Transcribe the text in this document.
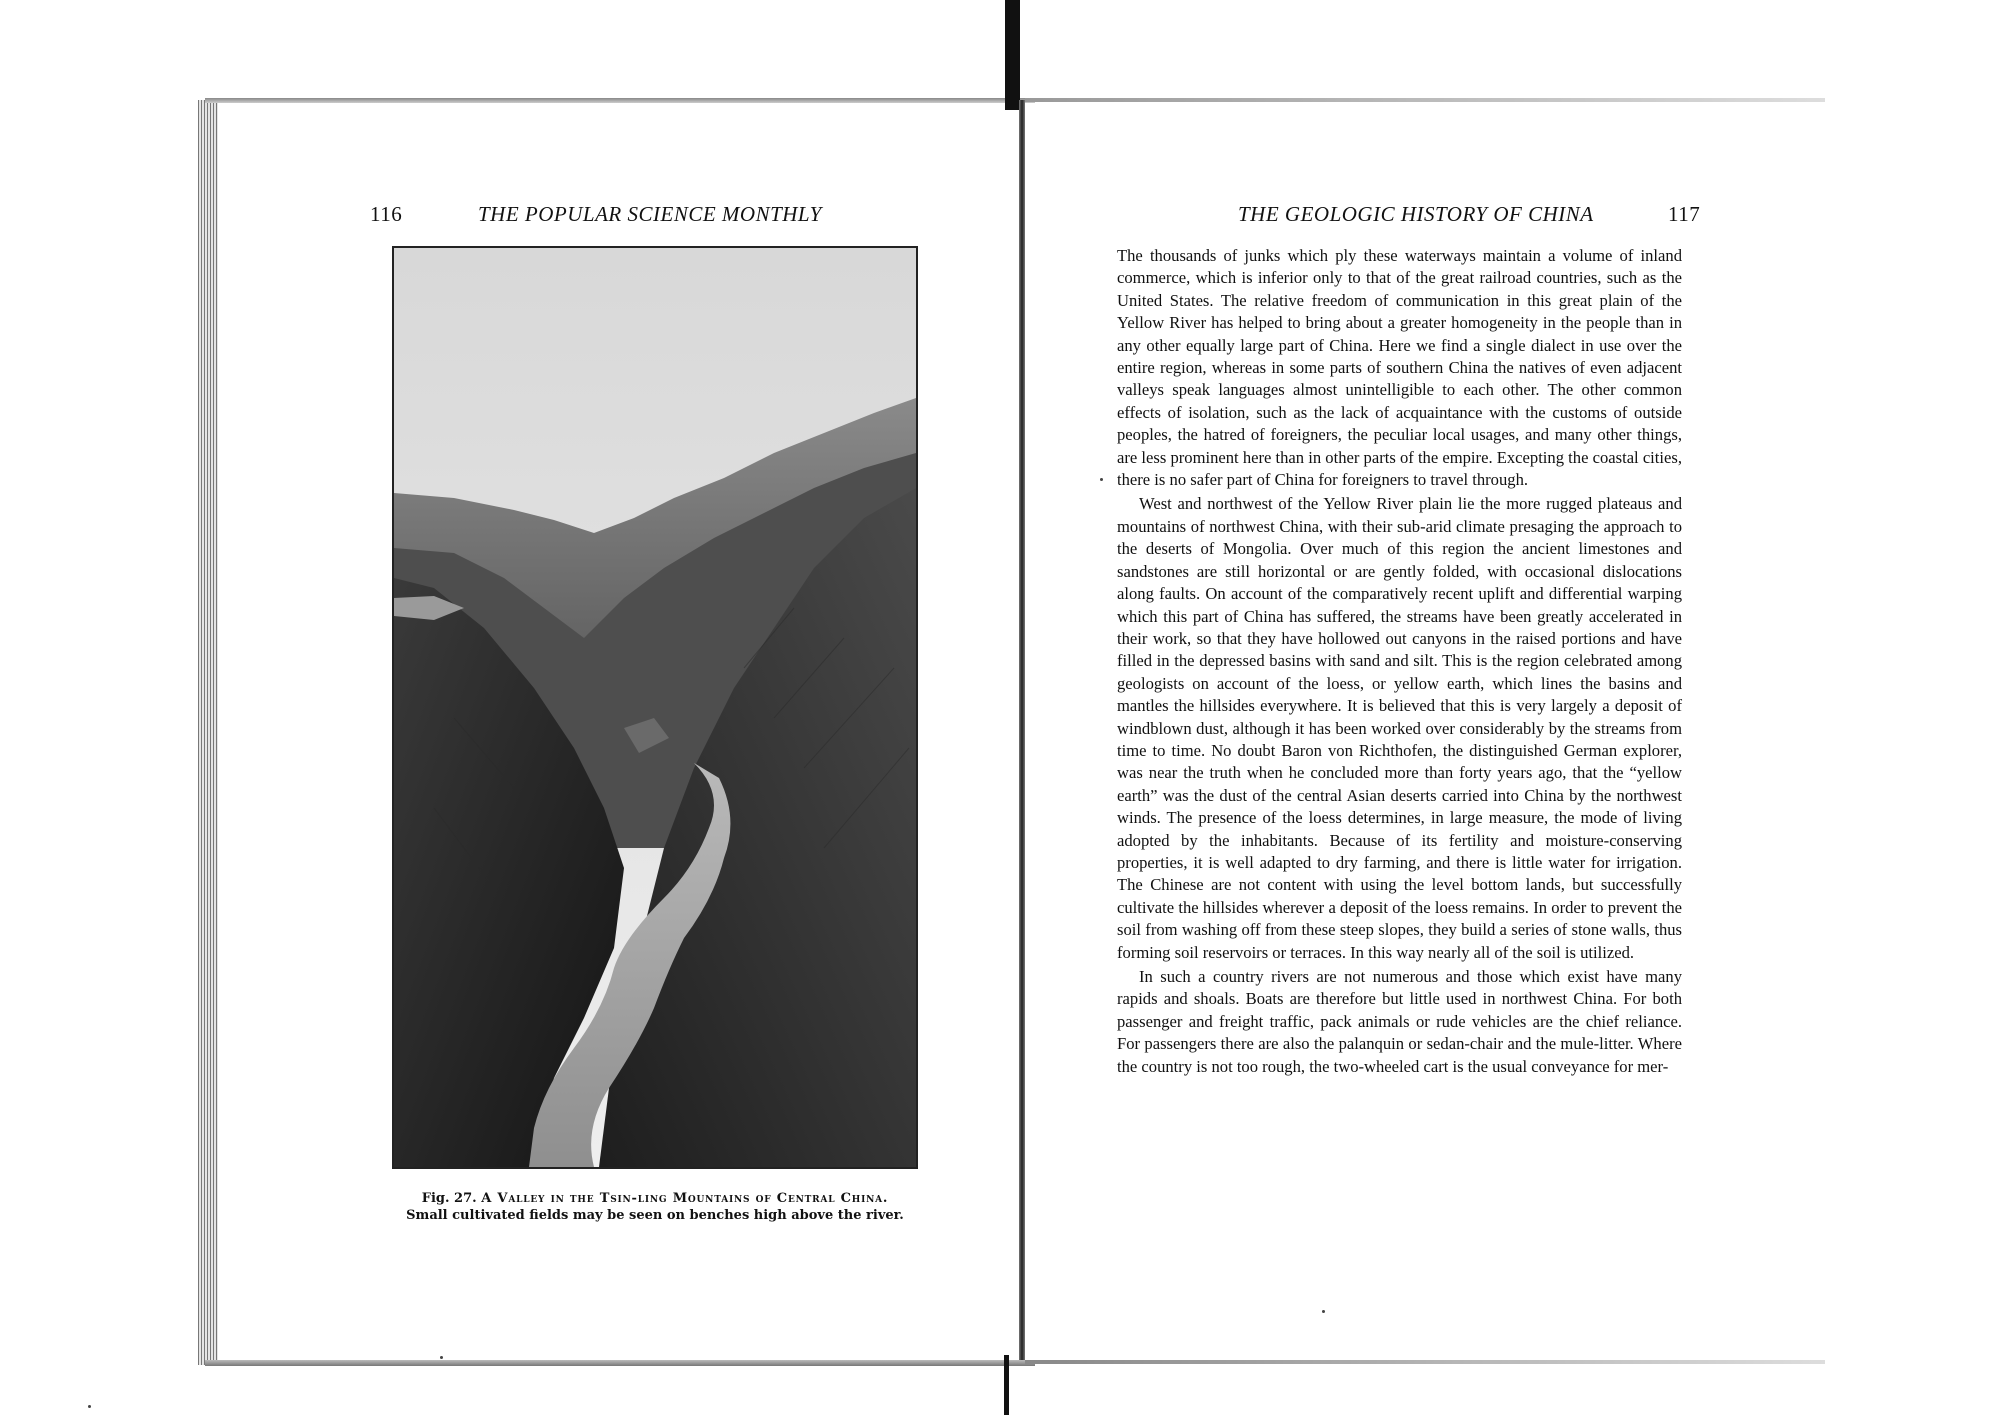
116	THE POPULAR SCIENCE MONTHLY
Fig. 27. A Valley in the Tsin-ling Mountains of Central China.
Small cultivated fields may be seen on benches high above the river.
THE GEOLOGIC HISTORY OF CHINA	117

The thousands of junks which ply these waterways maintain a volume of inland commerce, which is inferior only to that of the great railroad countries, such as the United States. The relative freedom of communication in this great plain of the Yellow River has helped to bring about a greater homogeneity in the people than in any other equally large part of China. Here we find a single dialect in use over the entire region, whereas in some parts of southern China the natives of even adjacent valleys speak languages almost unintelligible to each other. The other common effects of isolation, such as the lack of acquaintance with the customs of outside peoples, the hatred of foreigners, the peculiar local usages, and many other things, are less prominent here than in other parts of the empire. Excepting the coastal cities, there is no safer part of China for foreigners to travel through.

West and northwest of the Yellow River plain lie the more rugged plateaus and mountains of northwest China, with their sub-arid climate presaging the approach to the deserts of Mongolia. Over much of this region the ancient limestones and sandstones are still horizontal or are gently folded, with occasional dislocations along faults. On account of the comparatively recent uplift and differential warping which this part of China has suffered, the streams have been greatly accelerated in their work, so that they have hollowed out canyons in the raised portions and have filled in the depressed basins with sand and silt. This is the region celebrated among geologists on account of the loess, or yellow earth, which lines the basins and mantles the hillsides everywhere. It is believed that this is very largely a deposit of windblown dust, although it has been worked over considerably by the streams from time to time. No doubt Baron von Richthofen, the distinguished German explorer, was near the truth when he concluded more than forty years ago, that the “yellow earth” was the dust of the central Asian deserts carried into China by the northwest winds. The presence of the loess determines, in large measure, the mode of living adopted by the inhabitants. Because of its fertility and moisture-conserving properties, it is well adapted to dry farming, and there is little water for irrigation. The Chinese are not content with using the level bottom lands, but successfully cultivate the hillsides wherever a deposit of the loess remains. In order to prevent the soil from washing off from these steep slopes, they build a series of stone walls, thus forming soil reservoirs or terraces. In this way nearly all of the soil is utilized.

In such a country rivers are not numerous and those which exist have many rapids and shoals. Boats are therefore but little used in northwest China. For both passenger and freight traffic, pack animals or rude vehicles are the chief reliance. For passengers there are also the palanquin or sedan-chair and the mule-litter. Where the country is not too rough, the two-wheeled cart is the usual conveyance for mer-
